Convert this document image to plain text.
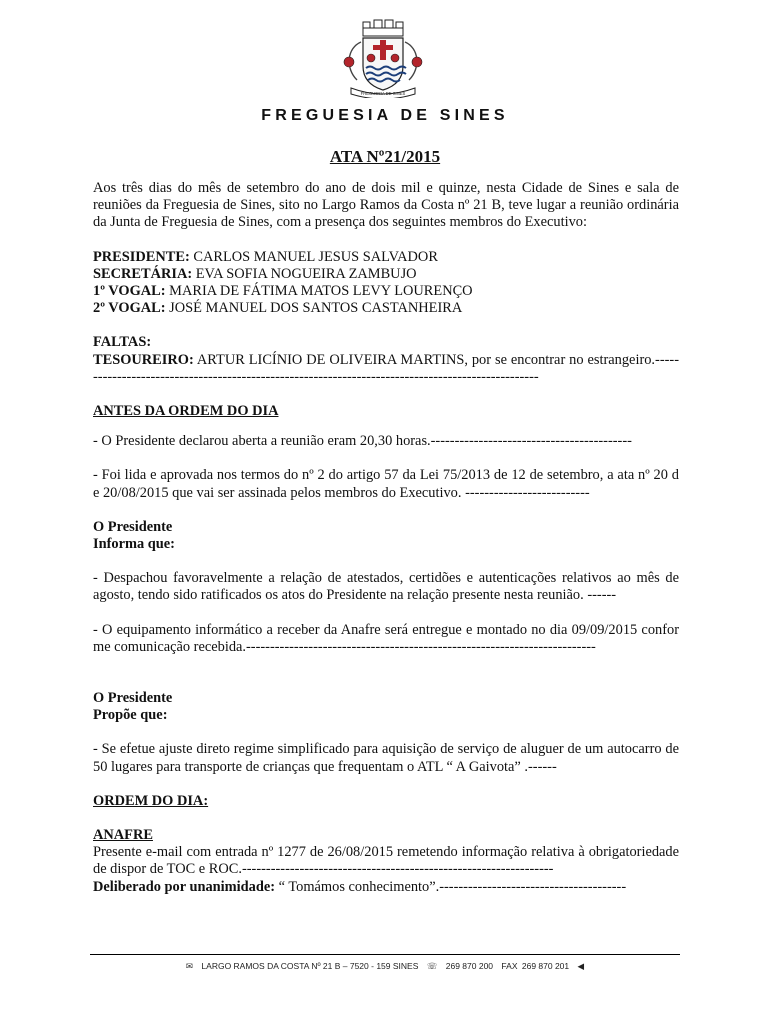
FREGUESIA DE SINES
FREGUESIA DE SINES
ATA Nº21/2015

Aos três dias do mês de setembro do ano de dois mil e quinze, nesta Cidade de Sines e sala de reuniões da Freguesia de Sines, sito no Largo Ramos da Costa nº 21 B, teve lugar a reunião ordinária da Junta de Freguesia de Sines, com a presença dos seguintes membros do Executivo:

PRESIDENTE: CARLOS MANUEL JESUS SALVADOR
SECRETÁRIA: EVA SOFIA NOGUEIRA ZAMBUJO
1º VOGAL: MARIA DE FÁTIMA MATOS LEVY LOURENÇO
2º VOGAL: JOSÉ MANUEL DOS SANTOS CASTANHEIRA
FALTAS:

TESOUREIRO: ARTUR LICÍNIO DE OLIVEIRA MARTINS, por se encontrar no estrangeiro.--------------------------------------------------------------------------------------------------

ANTES DA ORDEM DO DIA

- O Presidente declarou aberta a reunião eram 20,30 horas.------------------------------------------

- Foi lida e aprovada nos termos do nº 2 do artigo 57 da Lei 75/2013 de 12 de setembro, a ata nº 20 de 20/08/2015 que vai ser assinada pelos membros do Executivo. --------------------------

O Presidente
Informa que:

- Despachou favoravelmente a relação de atestados, certidões e autenticações relativos ao mês de agosto, tendo sido ratificados os atos do Presidente na relação presente nesta reunião. ------

- O equipamento informático a receber da Anafre será entregue e montado no dia 09/09/2015 conforme comunicação recebida.-------------------------------------------------------------------------

O Presidente
Propõe que:

- Se efetue ajuste direto regime simplificado para aquisição de serviço de aluguer de um autocarro de 50 lugares para transporte de crianças que frequentam o ATL “ A Gaivota” .------

ORDEM DO DIA:
ANAFRE

Presente e-mail com entrada nº 1277 de 26/08/2015 remetendo informação relativa à obrigatoriedade de dispor de TOC e ROC.-----------------------------------------------------------------

Deliberado por unanimidade: “ Tomámos conhecimento”.---------------------------------------

✉ LARGO RAMOS DA COSTA Nº 21 B – 7520 - 159 SINES ☏ 269 870 200 FAX 269 870 201 ◀
